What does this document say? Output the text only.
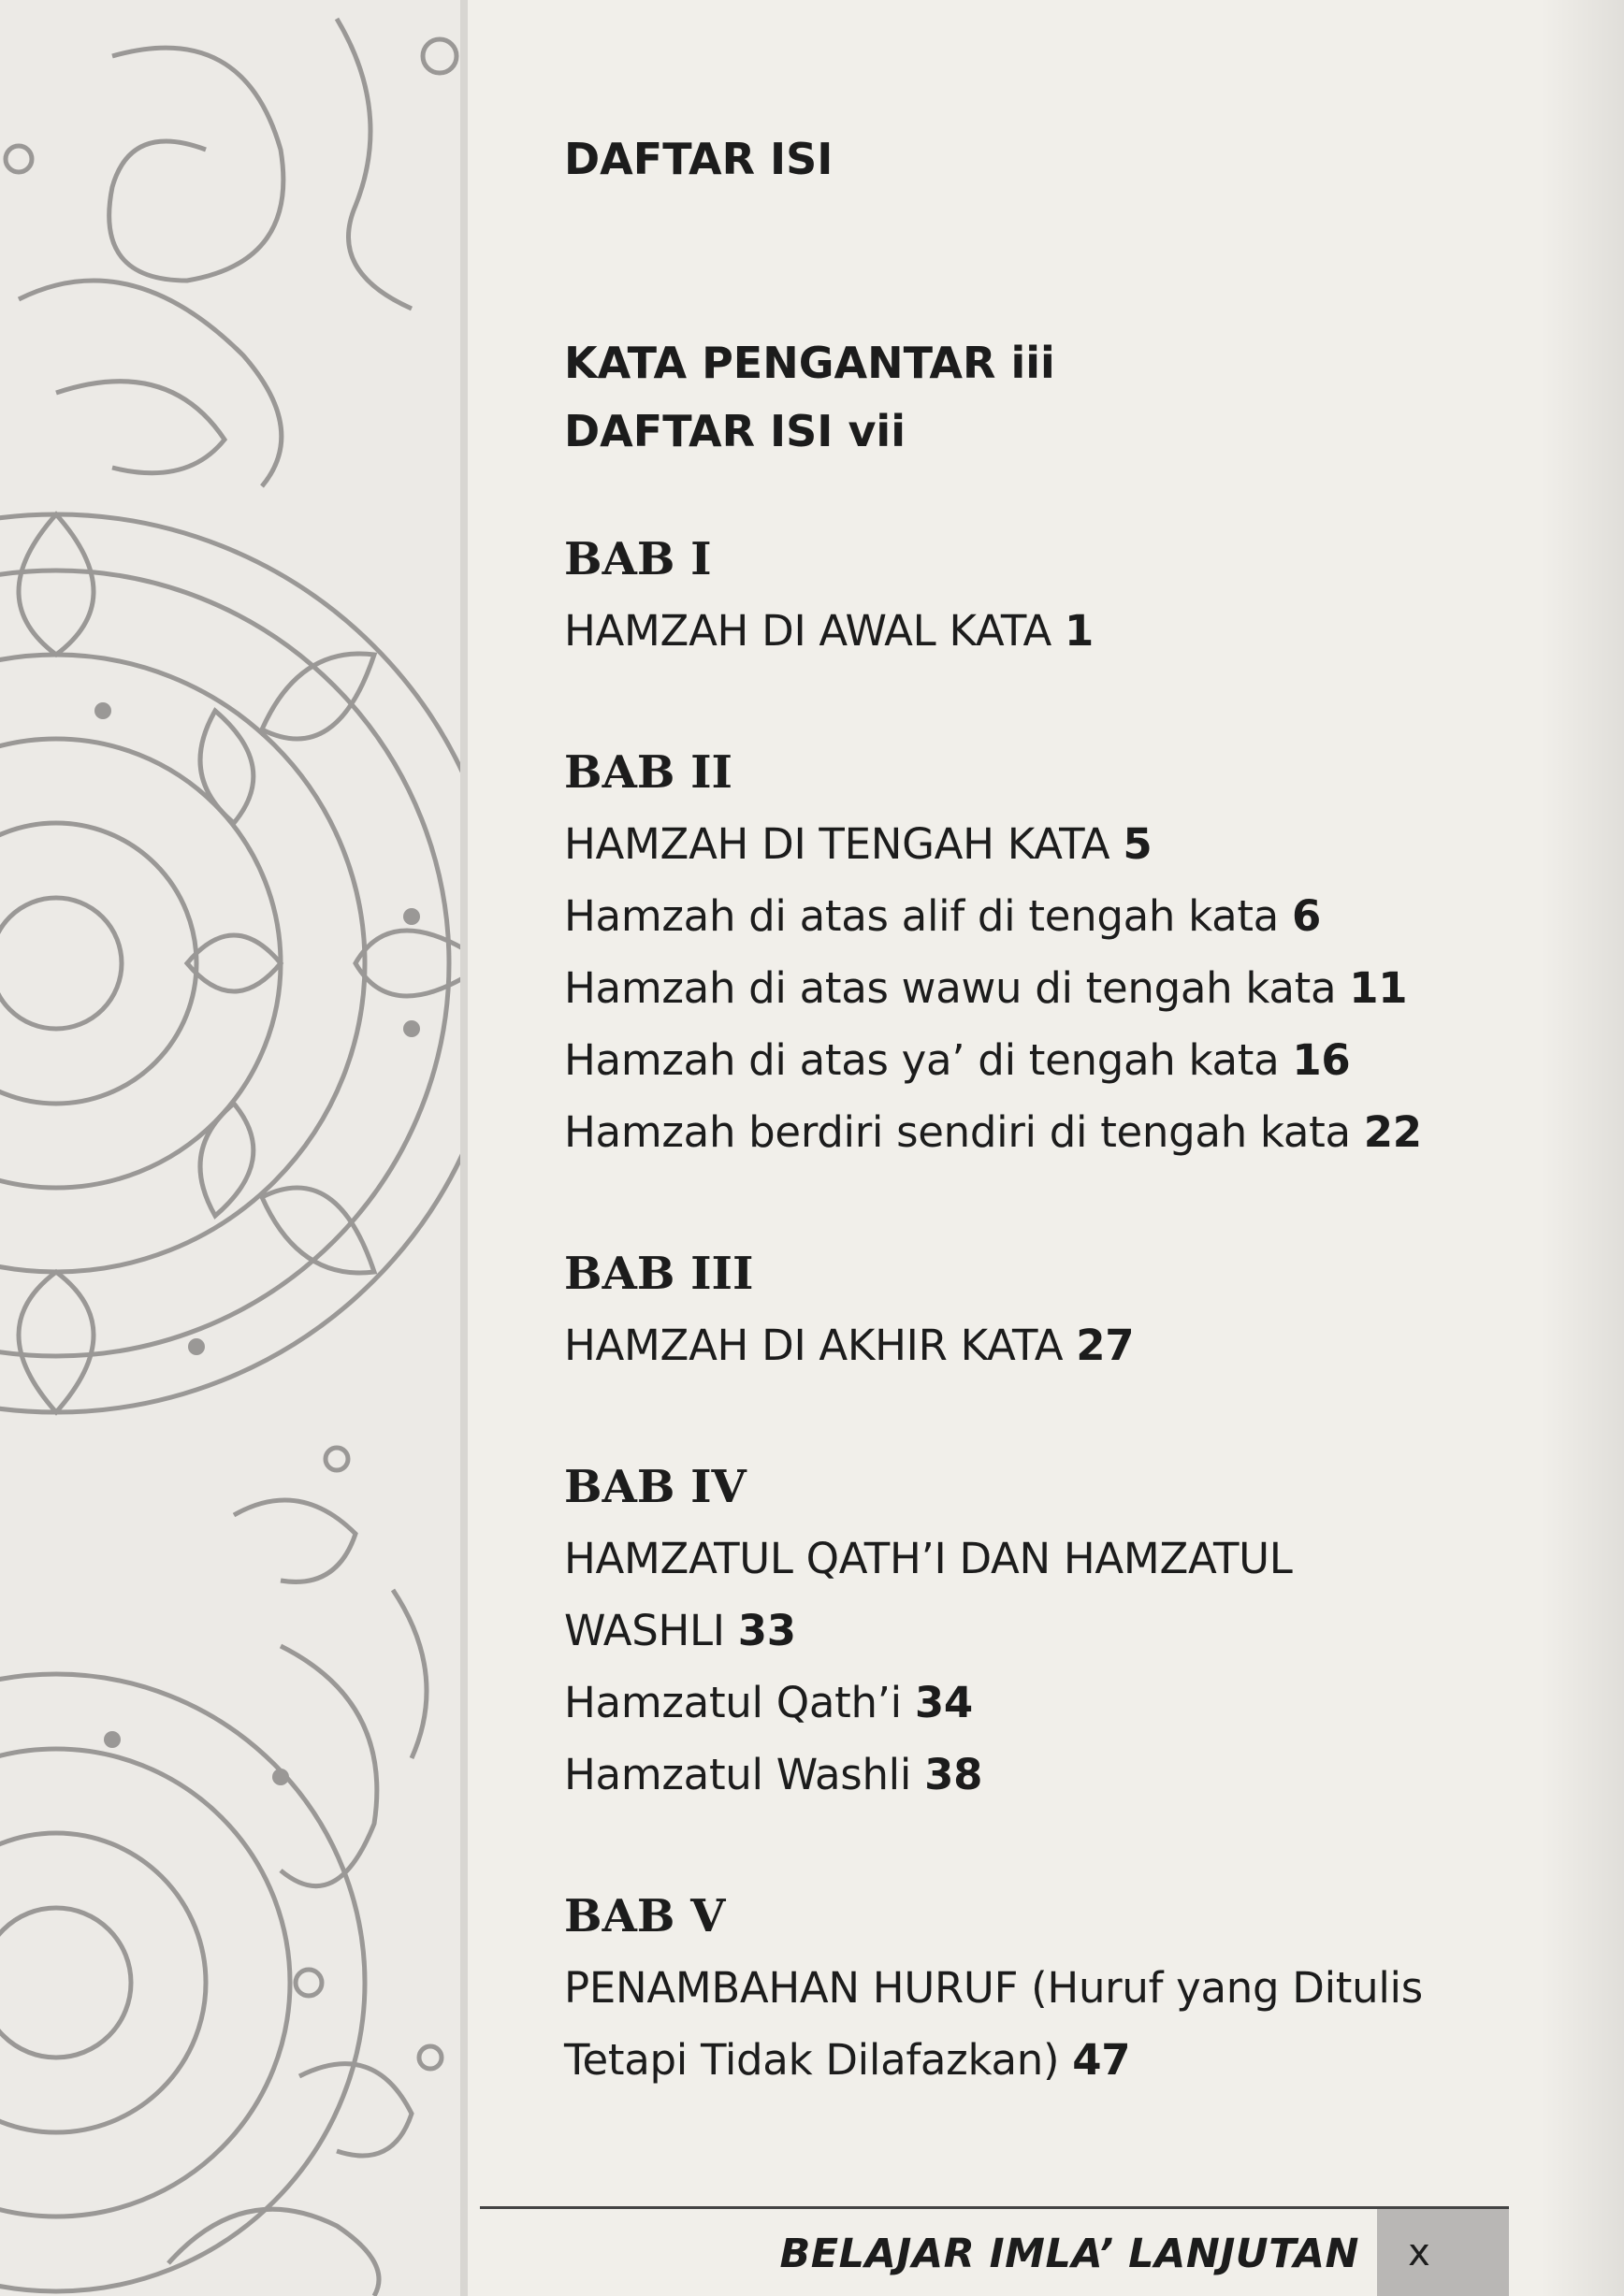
DAFTAR ISI

KATA PENGANTAR iii

DAFTAR ISI vii

BAB I

HAMZAH DI AWAL KATA 1

BAB II

HAMZAH DI TENGAH KATA 5

Hamzah di atas alif di tengah kata 6

Hamzah di atas wawu di tengah kata 11

Hamzah di atas ya’ di tengah kata 16

Hamzah berdiri sendiri di tengah kata 22

BAB III

HAMZAH DI AKHIR KATA 27

BAB IV

HAMZATUL QATH’I DAN HAMZATUL

WASHLI 33

Hamzatul Qath’i 34

Hamzatul Washli 38

BAB V

PENAMBAHAN HURUF (Huruf yang Ditulis

Tetapi Tidak Dilafazkan) 47

BELAJAR IMLA’ LANJUTAN	x
